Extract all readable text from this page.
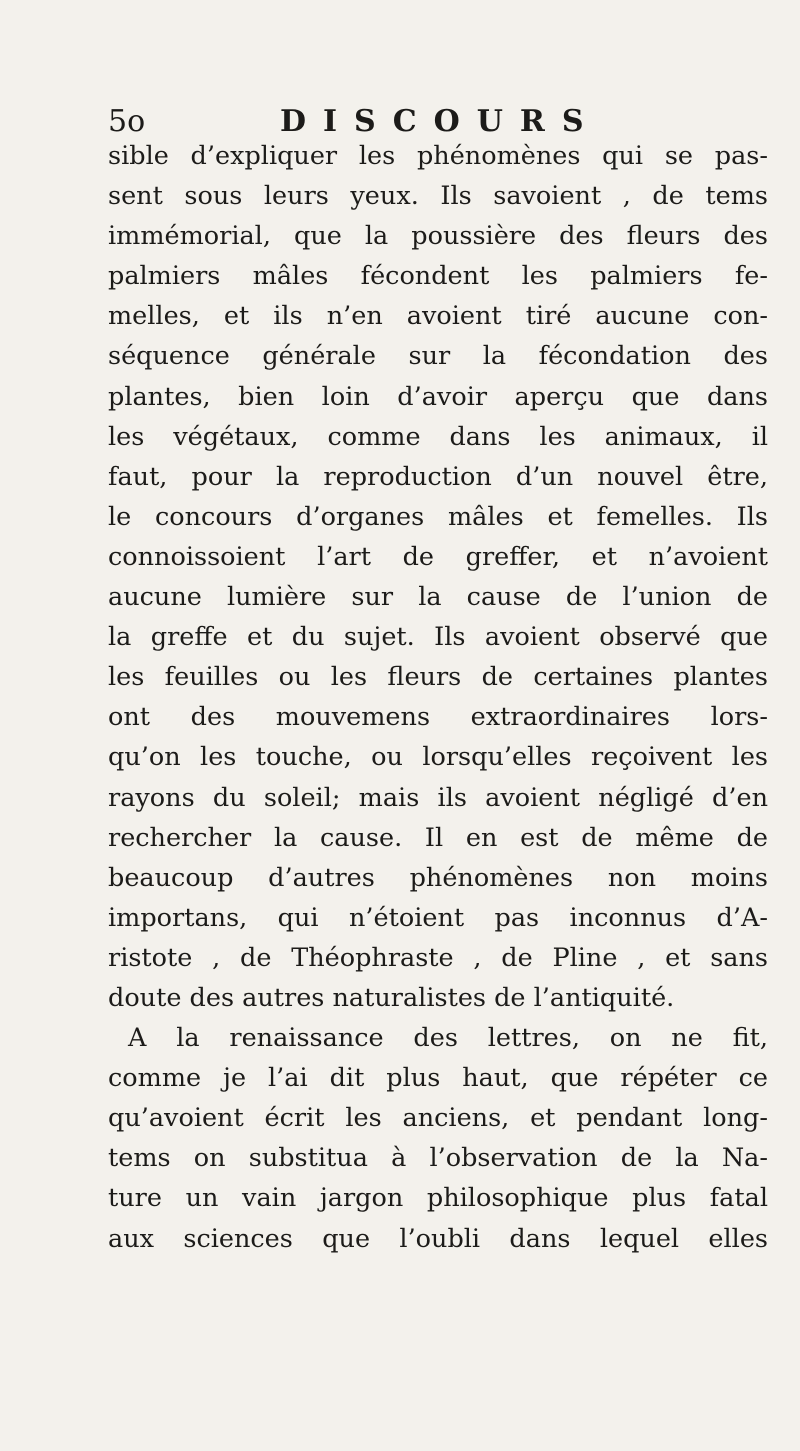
5o	DISCOURS
sible d’expliquer les phénomènes qui se pas-
sent sous leurs yeux. Ils savoient , de tems
immémorial, que la poussière des fleurs des
palmiers mâles fécondent les palmiers fe-
melles, et ils n’en avoient tiré aucune con-
séquence générale sur la fécondation des
plantes, bien loin d’avoir aperçu que dans
les végétaux, comme dans les animaux, il
faut, pour la reproduction d’un nouvel être,
le concours d’organes mâles et femelles. Ils
connoissoient l’art de greffer, et n’avoient
aucune lumière sur la cause de l’union de
la greffe et du sujet. Ils avoient observé que
les feuilles ou les fleurs de certaines plantes
ont des mouvemens extraordinaires lors-
qu’on les touche, ou lorsqu’elles reçoivent les
rayons du soleil; mais ils avoient négligé d’en
rechercher la cause. Il en est de même de
beaucoup d’autres phénomènes non moins
importans, qui n’étoient pas inconnus d’A-
ristote , de Théophraste , de Pline , et sans
doute des autres naturalistes de l’antiquité.
A la renaissance des lettres, on ne fit,
comme je l’ai dit plus haut, que répéter ce
qu’avoient écrit les anciens, et pendant long-
tems on substitua à l’observation de la Na-
ture un vain jargon philosophique plus fatal
aux sciences que l’oubli dans lequel elles
